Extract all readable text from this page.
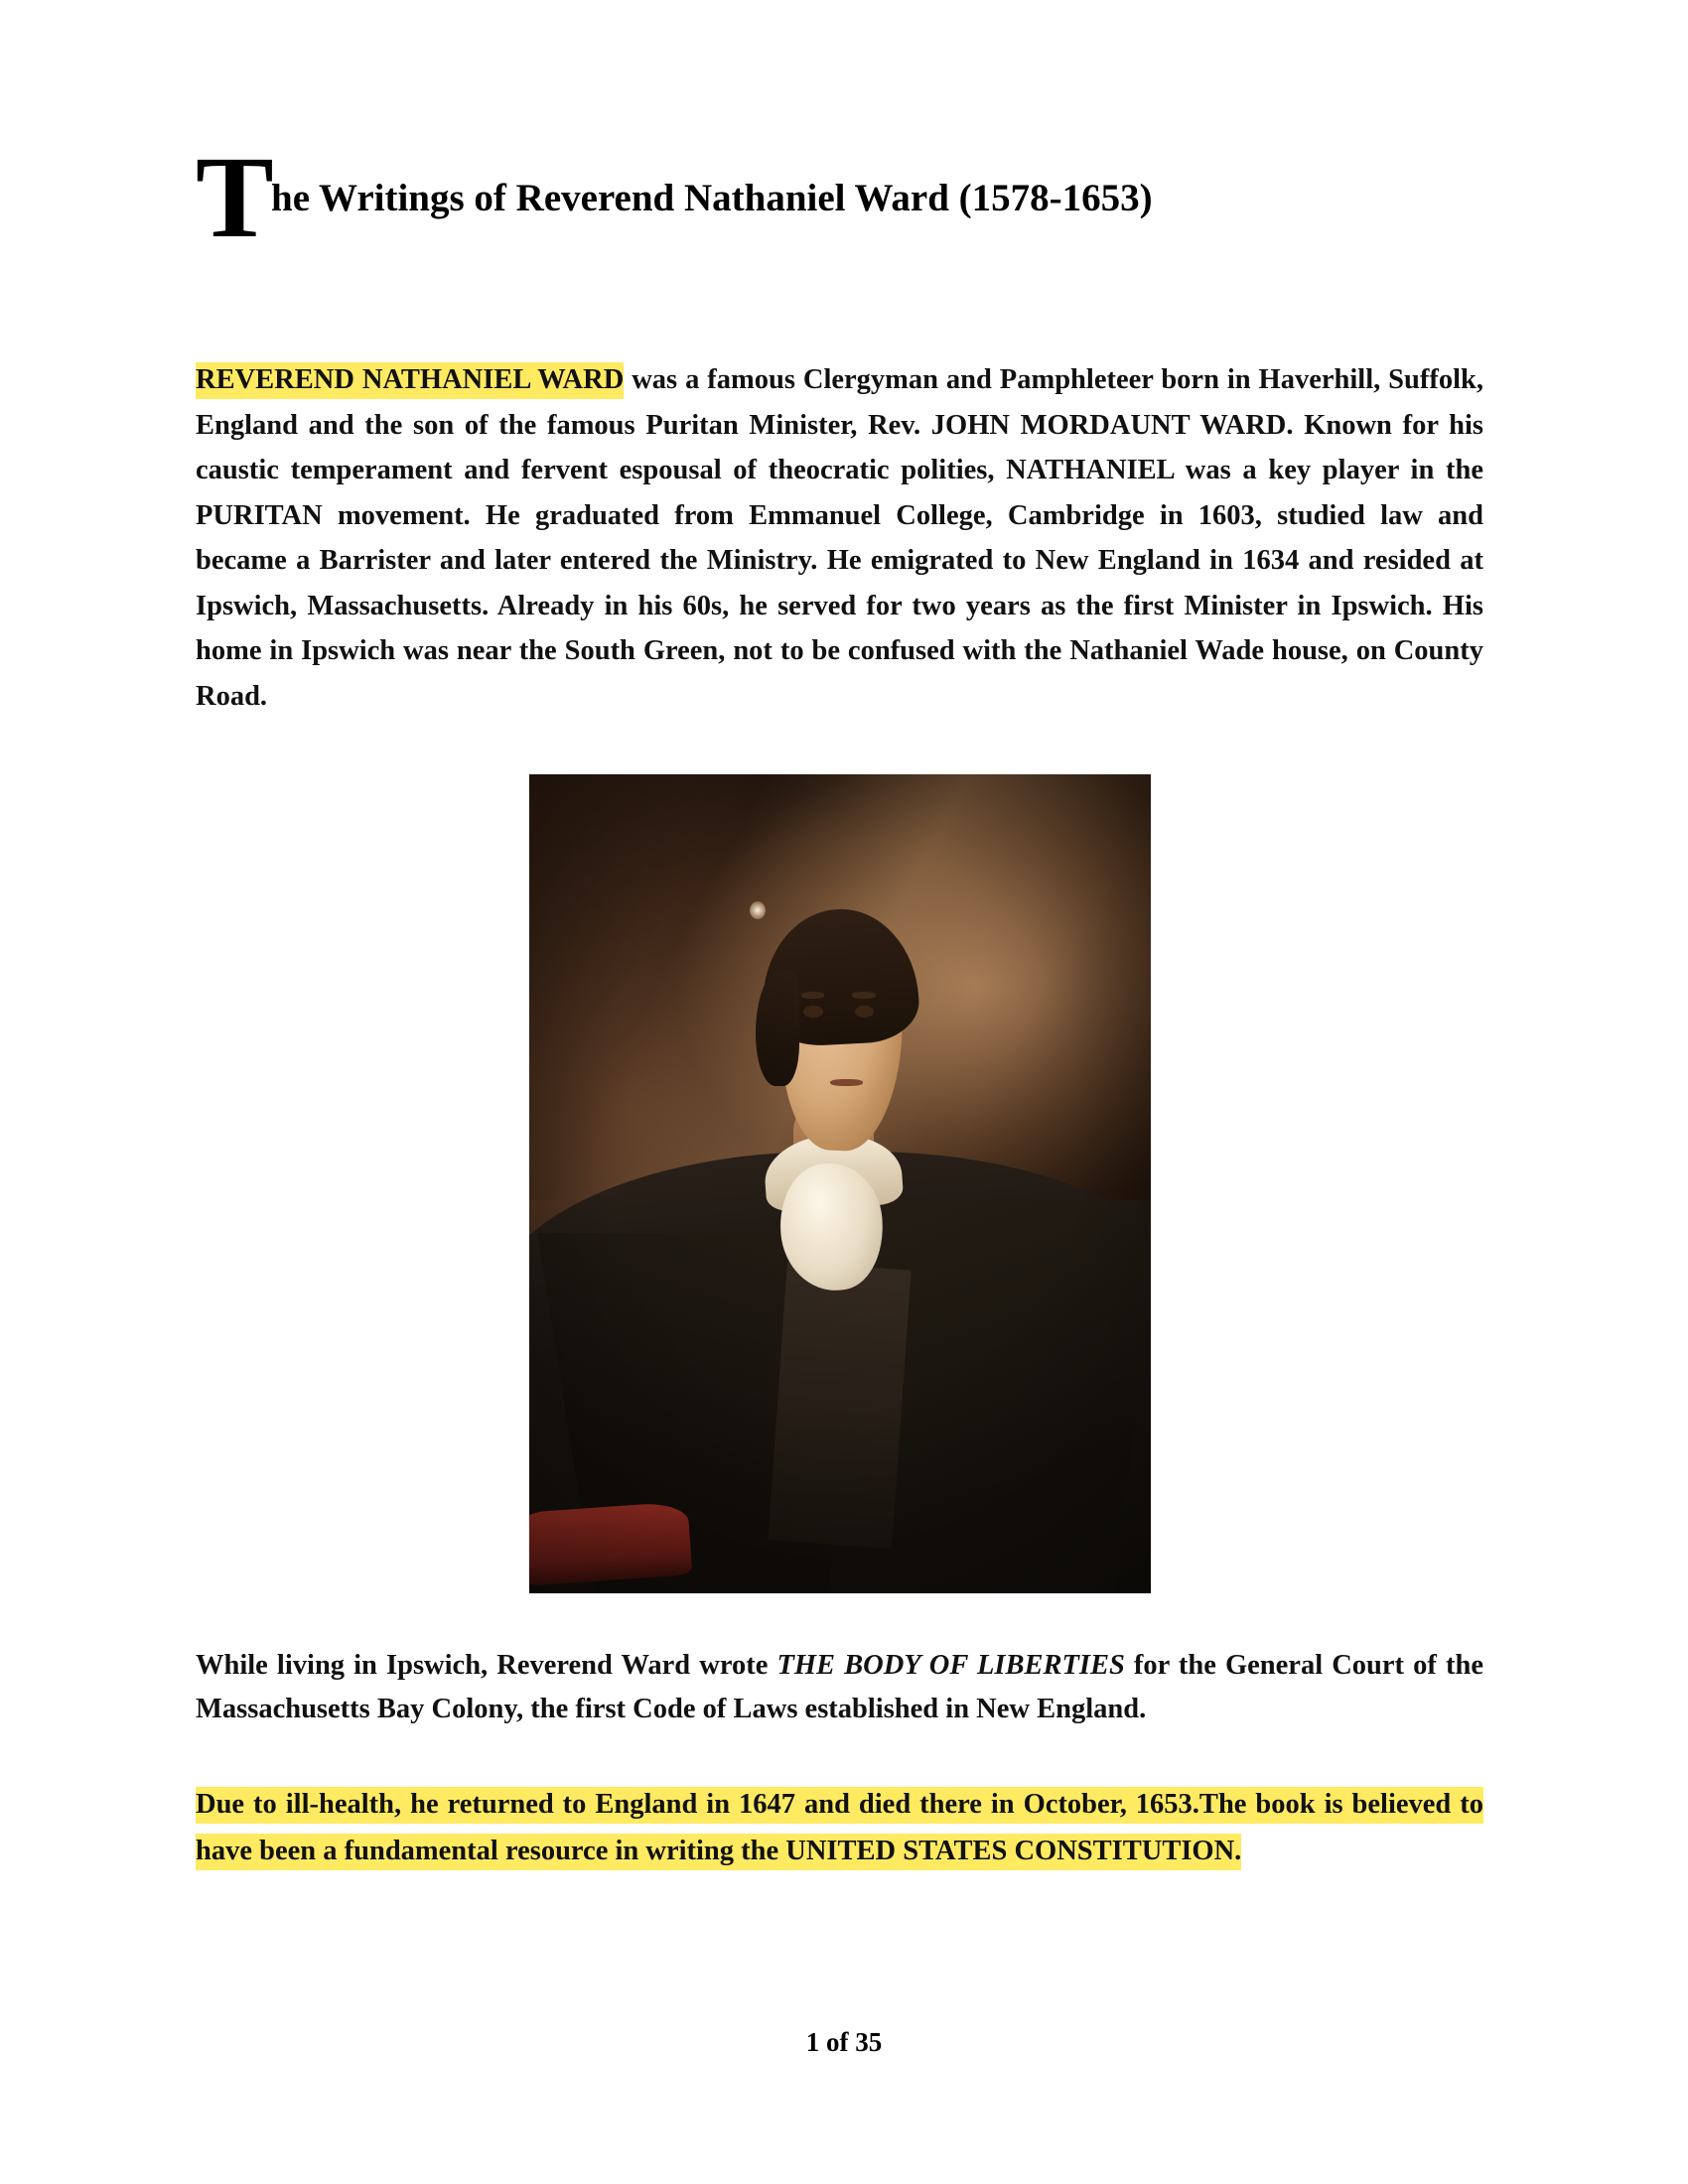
T he Writings of Reverend Nathaniel Ward (1578-1653)

REVEREND NATHANIEL WARD was a famous Clergyman and Pamphleteer born in Haverhill, Suffolk, England and the son of the famous Puritan Minister, Rev. JOHN MORDAUNT WARD. Known for his caustic temperament and fervent espousal of theocratic polities, NATHANIEL was a key player in the PURITAN movement. He graduated from Emmanuel College, Cambridge in 1603, studied law and became a Barrister and later entered the Ministry. He emigrated to New England in 1634 and resided at Ipswich, Massachusetts. Already in his 60s, he served for two years as the first Minister in Ipswich. His home in Ipswich was near the South Green, not to be confused with the Nathaniel Wade house, on County Road.

While living in Ipswich, Reverend Ward wrote THE BODY OF LIBERTIES for the General Court of the Massachusetts Bay Colony, the first Code of Laws established in New England.

Due to ill-health, he returned to England in 1647 and died there in October, 1653.The book is believed to have been a fundamental resource in writing the UNITED STATES CONSTITUTION.

1 of 35
